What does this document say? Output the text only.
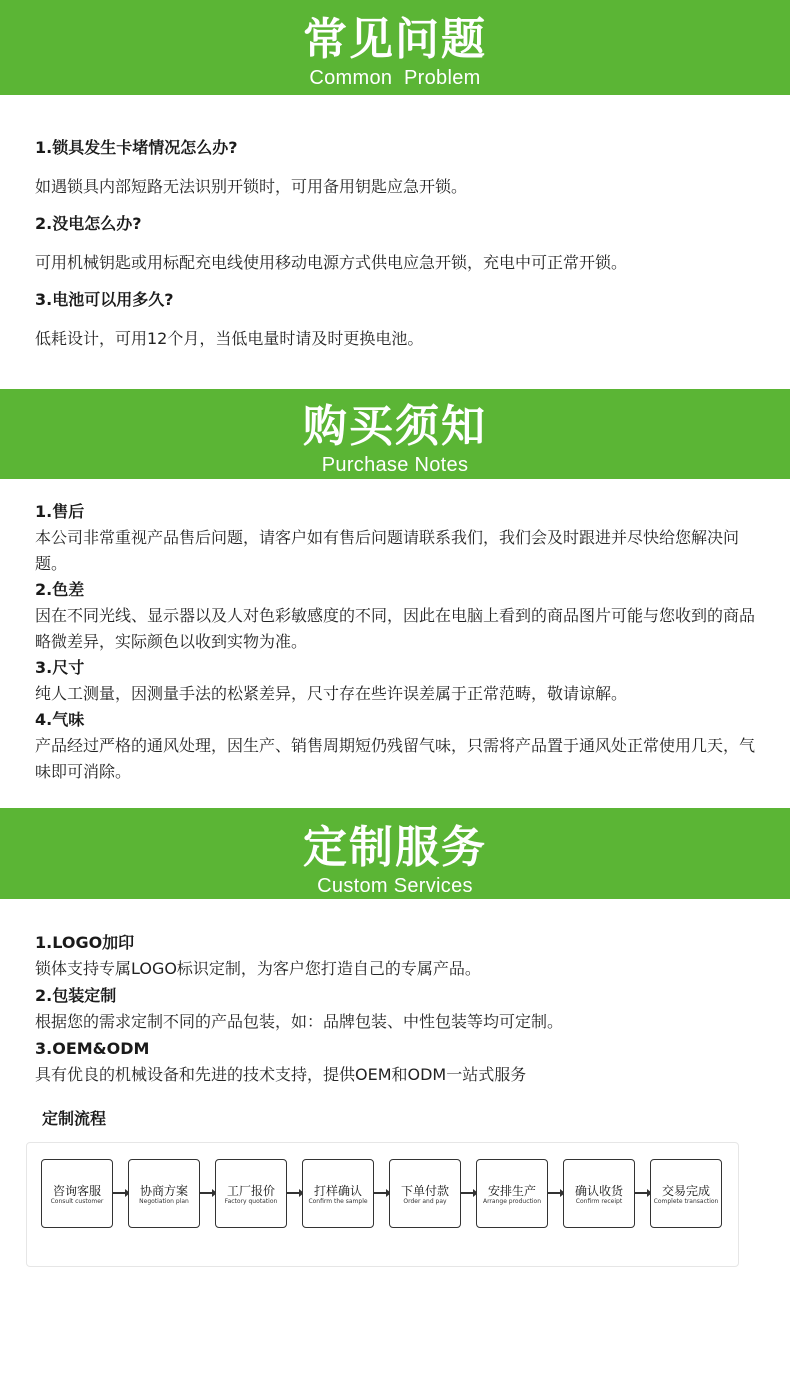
常见问题
Common  Problem
1.锁具发生卡堵情况怎么办?
如遇锁具内部短路无法识别开锁时，可用备用钥匙应急开锁。
2.没电怎么办?
可用机械钥匙或用标配充电线使用移动电源方式供电应急开锁，充电中可正常开锁。
3.电池可以用多久?
低耗设计，可用12个月，当低电量时请及时更换电池。
购买须知
Purchase Notes
1.售后
本公司非常重视产品售后问题，请客户如有售后问题请联系我们，我们会及时跟进并尽快给您解决问题。
2.色差
因在不同光线、显示器以及人对色彩敏感度的不同，因此在电脑上看到的商品图片可能与您收到的商品略微差异，实际颜色以收到实物为准。
3.尺寸
纯人工测量，因测量手法的松紧差异，尺寸存在些许误差属于正常范畴，敬请谅解。
4.气味
产品经过严格的通风处理，因生产、销售周期短仍残留气味，只需将产品置于通风处正常使用几天，气味即可消除。
定制服务
Custom Services
1.LOGO加印
锁体支持专属LOGO标识定制，为客户您打造自己的专属产品。
2.包装定制
根据您的需求定制不同的产品包装，如：品牌包装、中性包装等均可定制。
3.OEM&ODM
具有优良的机械设备和先进的技术支持，提供OEM和ODM一站式服务
定制流程
咨询客服
Consult customer
协商方案
Negotiation plan
工厂报价
Factory quotation
打样确认
Confirm the sample
下单付款
Order and pay
安排生产
Arrange production
确认收货
Confirm receipt
交易完成
Complete transaction
